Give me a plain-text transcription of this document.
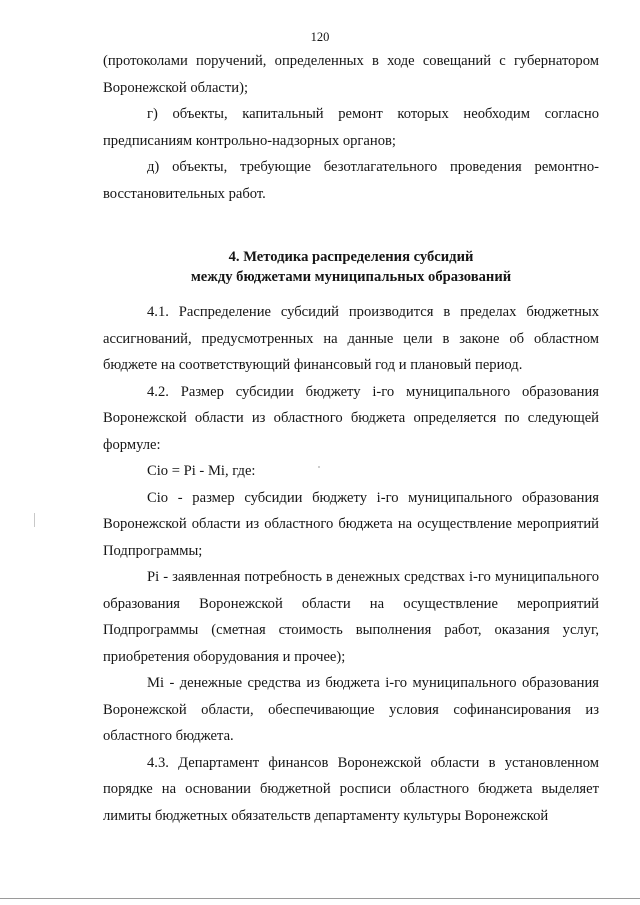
120

(протоколами поручений, определенных в ходе совещаний с губернатором Воронежской области);

г) объекты, капитальный ремонт которых необходим согласно предписаниям контрольно-надзорных органов;

д) объекты, требующие безотлагательного проведения ремонтно-восстановительных работ.

4. Методика распределения субсидий
между бюджетами муниципальных образований

4.1. Распределение субсидий производится в пределах бюджетных ассигнований, предусмотренных на данные цели в законе об областном бюджете на соответствующий финансовый год и плановый период.

4.2. Размер субсидии бюджету i-го муниципального образования Воронежской области из областного бюджета определяется по следующей формуле:

Cio = Pi - Mi, где:

Cio - размер субсидии бюджету i-го муниципального образования Воронежской области из областного бюджета на осуществление мероприятий Подпрограммы;

Pi - заявленная потребность в денежных средствах i-го муниципального образования Воронежской области на осуществление мероприятий Подпрограммы (сметная стоимость выполнения работ, оказания услуг, приобретения оборудования и прочее);

Mi - денежные средства из бюджета i-го муниципального образования Воронежской области, обеспечивающие условия софинансирования из областного бюджета.

4.3. Департамент финансов Воронежской области в установленном порядке на основании бюджетной росписи областного бюджета выделяет лимиты бюджетных обязательств департаменту культуры Воронежской
